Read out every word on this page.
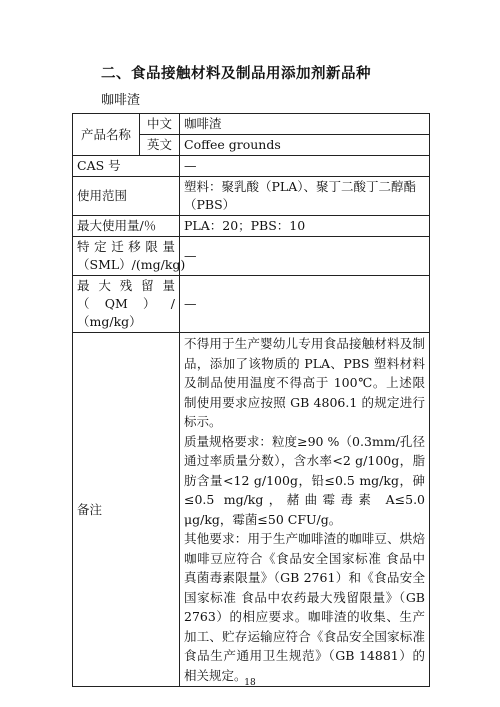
二、食品接触材料及制品用添加剂新品种
咖啡渣
产品名称	中文	咖啡渣
	英文	Coffee grounds
CAS 号		—
使用范围		塑料：聚乳酸（PLA）、聚丁二酸丁二醇酯（PBS）
最大使用量/％		PLA：20；PBS：10
特定迁移限量（SML）/(mg/kg)		—
最大残留量（QM）/（mg/kg）		—
备注		不得用于生产婴幼儿专用食品接触材料及制品，添加了该物质的 PLA、PBS 塑料材料及制品使用温度不得高于 100℃。上述限制使用要求应按照 GB 4806.1 的规定进行标示。

质量规格要求：粒度≥90 %（0.3mm/孔径通过率质量分数），含水率<2 g/100g，脂肪含量<12 g/100g，铅≤0.5 mg/kg，砷≤0.5 mg/kg，赭曲霉毒素 A≤5.0 μg/kg，霉菌≤50 CFU/g。

其他要求：用于生产咖啡渣的咖啡豆、烘焙咖啡豆应符合《食品安全国家标准 食品中真菌毒素限量》（GB 2761）和《食品安全国家标准 食品中农药最大残留限量》（GB 2763）的相应要求。咖啡渣的收集、生产加工、贮存运输应符合《食品安全国家标准 食品生产通用卫生规范》（GB 14881）的相关规定。

18
